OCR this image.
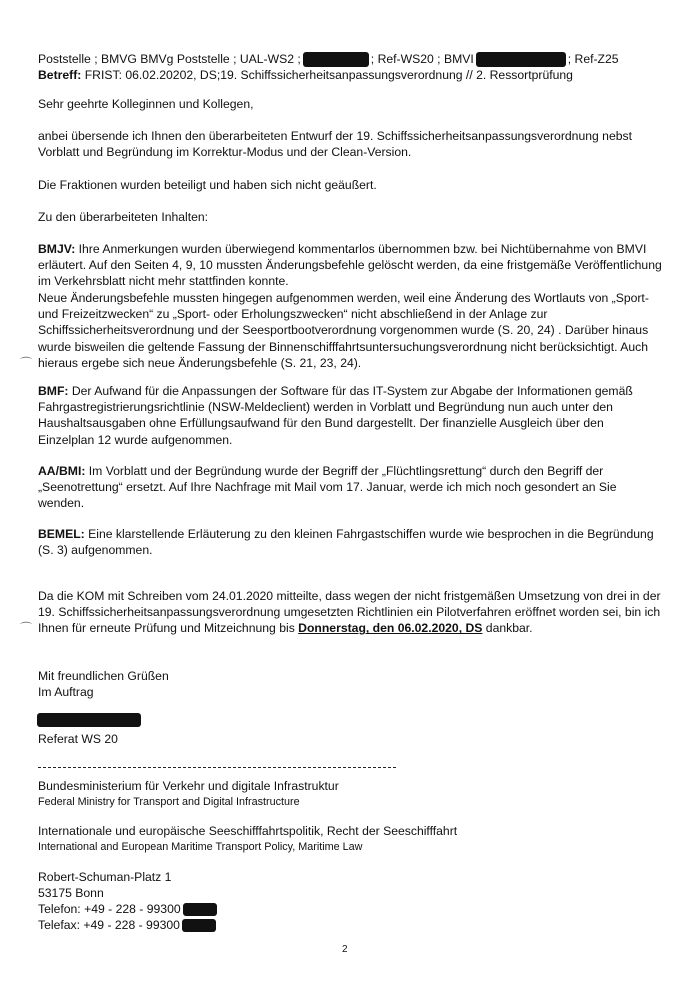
Poststelle ; BMVG BMVg Poststelle ; UAL-WS2 ;	; Ref-WS20 ; BMVI	; Ref-Z25

Betreff: FRIST: 06.02.20202, DS;19. Schiffssicherheitsanpassungsverordnung // 2. Ressortprüfung

Sehr geehrte Kolleginnen und Kollegen,

anbei übersende ich Ihnen den überarbeiteten Entwurf der 19. Schiffssicherheitsanpassungsverordnung nebst Vorblatt und Begründung im Korrektur-Modus und der Clean-Version.

Die Fraktionen wurden beteiligt und haben sich nicht geäußert.

Zu den überarbeiteten Inhalten:

BMJV: Ihre Anmerkungen wurden überwiegend kommentarlos übernommen bzw. bei Nichtübernahme von BMVI erläutert. Auf den Seiten 4, 9, 10 mussten Änderungsbefehle gelöscht werden, da eine fristgemäße Veröffentlichung im Verkehrsblatt nicht mehr stattfinden konnte.

Neue Änderungsbefehle mussten hingegen aufgenommen werden, weil eine Änderung des Wortlauts von „Sport- und Freizeitzwecken“ zu „Sport- oder Erholungszwecken“ nicht abschließend in der Anlage zur Schiffssicherheitsverordnung und der Seesportbootverordnung vorgenommen wurde (S. 20, 24) . Darüber hinaus wurde bisweilen die geltende Fassung der Binnenschifffahrtsuntersuchungsverordnung nicht berücksichtigt. Auch hieraus ergebe sich neue Änderungsbefehle (S. 21, 23, 24).

⌒

BMF: Der Aufwand für die Anpassungen der Software für das IT-System zur Abgabe der Informationen gemäß Fahrgastregistrierungsrichtlinie (NSW-Meldeclient) werden in Vorblatt und Begründung nun auch unter den Haushaltsausgaben ohne Erfüllungsaufwand für den Bund dargestellt. Der finanzielle Ausgleich über den Einzelplan 12 wurde aufgenommen.

AA/BMI: Im Vorblatt und der Begründung wurde der Begriff der „Flüchtlingsrettung“ durch den Begriff der „Seenotrettung“ ersetzt. Auf Ihre Nachfrage mit Mail vom 17. Januar, werde ich mich noch gesondert an Sie wenden.

BEMEL: Eine klarstellende Erläuterung zu den kleinen Fahrgastschiffen wurde wie besprochen in die Begründung (S. 3) aufgenommen.

Da die KOM mit Schreiben vom 24.01.2020 mitteilte, dass wegen der nicht fristgemäßen Umsetzung von drei in der 19. Schiffssicherheitsanpassungsverordnung umgesetzten Richtlinien ein Pilotverfahren eröffnet worden sei, bin ich Ihnen für erneute Prüfung und Mitzeichnung bis Donnerstag, den 06.02.2020, DS dankbar.

⌒

Mit freundlichen Grüßen

Im Auftrag

Referat WS 20

Bundesministerium für Verkehr und digitale Infrastruktur

Federal Ministry for Transport and Digital Infrastructure

Internationale und europäische Seeschifffahrtspolitik, Recht der Seeschifffahrt

International and European Maritime Transport Policy, Maritime Law

Robert-Schuman-Platz 1

53175 Bonn

Telefon: +49 - 228 - 99300

Telefax: +49 - 228 - 99300

2
